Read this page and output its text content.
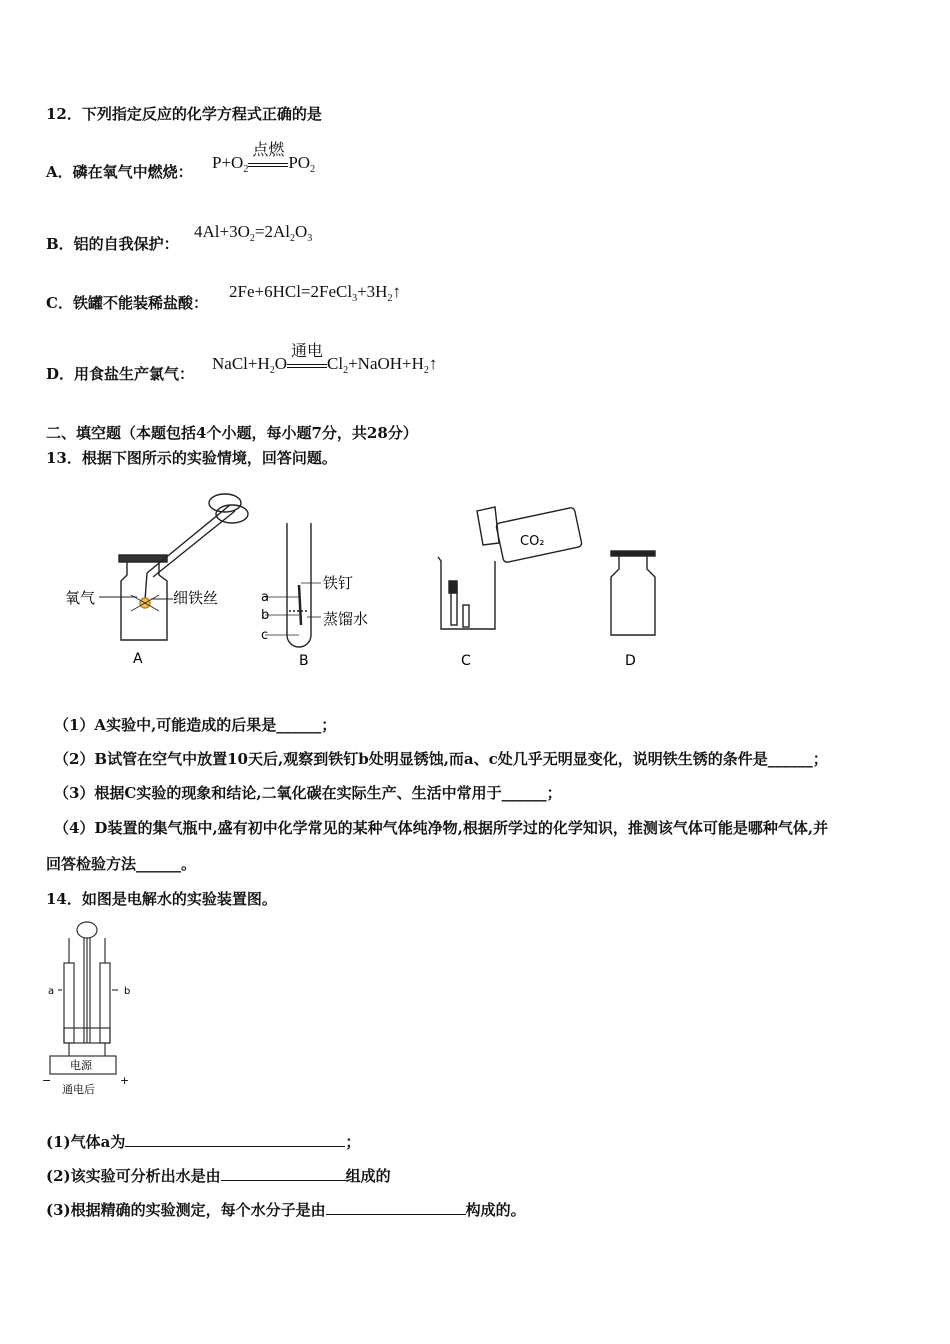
12．下列指定反应的化学方程式正确的是
A．磷在氧气中燃烧： $P+O_2$
点燃
$PO_2$
B．铝的自我保护：
$4Al+3O_2=2Al_2O_3$
C．铁罐不能装稀盐酸：
$2Fe+6HCl=2FeCl_3+3H_2↑$
D．用食盐生产氯气：
$NaCl+H_2O$
通电
$Cl_2+NaOH+H_2↑$
二、填空题（本题包括4个小题，每小题7分，共28分）
13．根据下图所示的实验情境，回答问题。
氧气	细铁丝
A
a
b
c
铁钉
蒸馏水
B
CO₂
C	D
（1）A实验中,可能造成的后果是______；
（2）B试管在空气中放置10天后,观察到铁钉b处明显锈蚀,而a、c处几乎无明显变化，说明铁生锈的条件是______；
（3）根据C实验的现象和结论,二氧化碳在实际生产、生活中常用于______；
（4）D装置的集气瓶中,盛有初中化学常见的某种气体纯净物,根据所学过的化学知识，推测该气体可能是哪种气体,并
回答检验方法______。
14．如图是电解水的实验装置图。
a	b
电源
−	+
通电后
(1)气体a为	；
(2)该实验可分析出水是由	组成的
(3)根据精确的实验测定，每个水分子是由	构成的。
